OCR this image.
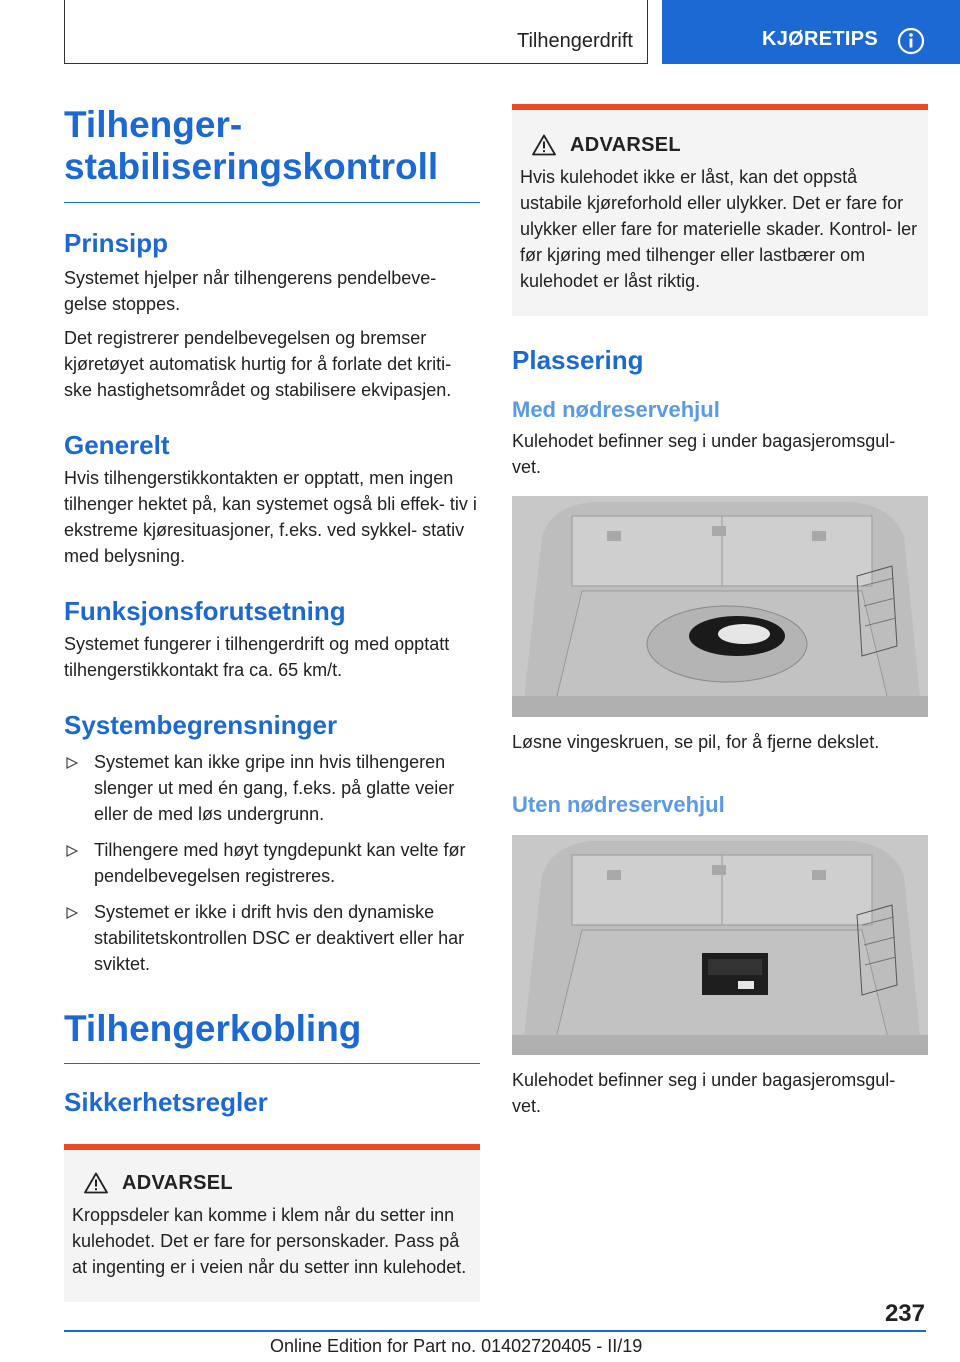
Tilhengerdrift	KJØRETIPS
Tilhenger‐
stabiliseringskontroll
Prinsipp

Systemet hjelper når tilhengerens pendelbeve‐ gelse stoppes.

Det registrerer pendelbevegelsen og bremser kjøretøyet automatisk hurtig for å forlate det kriti‐ ske hastighetsområdet og stabilisere ekvipasjen.

Generelt

Hvis tilhengerstikkontakten er opptatt, men ingen tilhenger hektet på, kan systemet også bli effek‐ tiv i ekstreme kjøresituasjoner, f.eks. ved sykkel‐ stativ med belysning.

Funksjonsforutsetning

Systemet fungerer i tilhengerdrift og med opptatt tilhengerstikkontakt fra ca. 65 km/t.

Systembegrensninger
Systemet kan ikke gripe inn hvis tilhengeren slenger ut med én gang, f.eks. på glatte veier eller de med løs undergrunn.
Tilhengere med høyt tyngdepunkt kan velte før pendelbevegelsen registreres.
Systemet er ikke i drift hvis den dynamiske stabilitetskontrollen DSC er deaktivert eller har sviktet.
Tilhengerkobling
Sikkerhetsregler
ADVARSEL

Kroppsdeler kan komme i klem når du setter inn kulehodet. Det er fare for personskader. Pass på at ingenting er i veien når du setter inn kulehodet.

ADVARSEL

Hvis kulehodet ikke er låst, kan det oppstå ustabile kjøreforhold eller ulykker. Det er fare for ulykker eller fare for materielle skader. Kontrol‐ ler før kjøring med tilhenger eller lastbærer om kulehodet er låst riktig.

Plassering
Med nødreservehjul

Kulehodet befinner seg i under bagasjeromsgul‐ vet.

Løsne vingeskruen, se pil, for å fjerne dekslet.

Uten nødreservehjul

Kulehodet befinner seg i under bagasjeromsgul‐ vet.

237
Online Edition for Part no. 01402720405 - II/19
